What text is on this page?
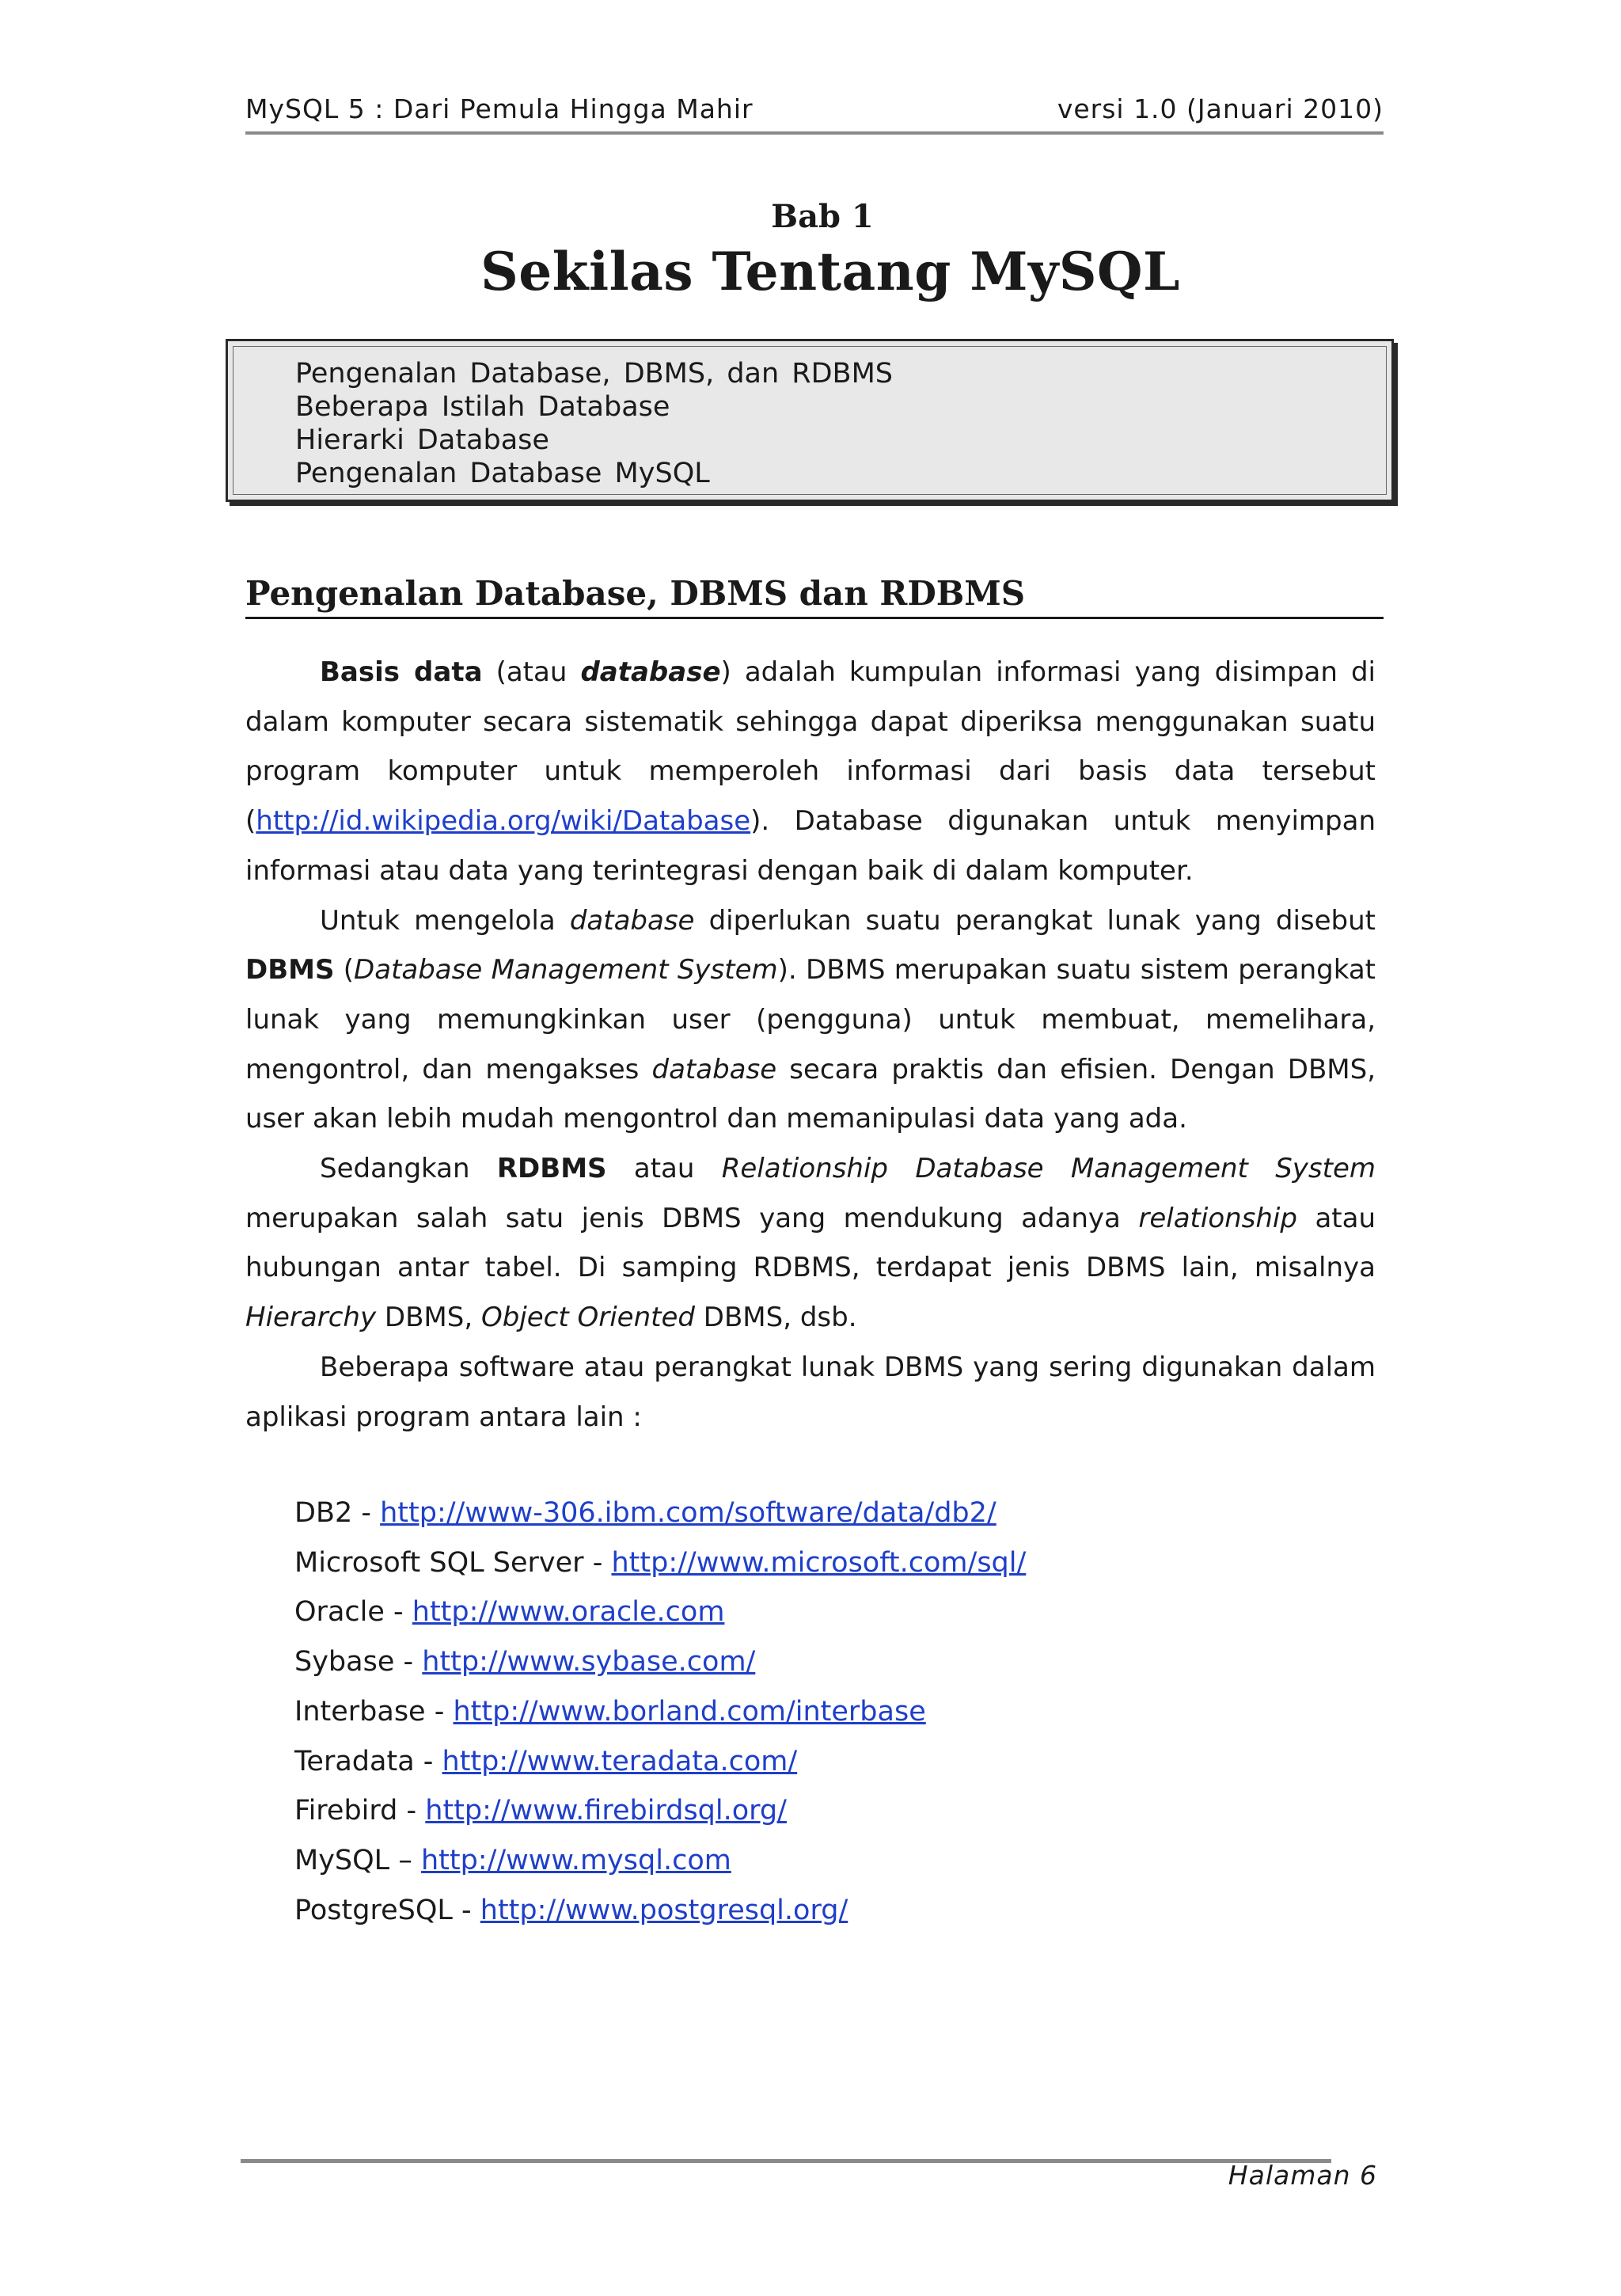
MySQL 5 : Dari Pemula Hingga Mahir	versi 1.0 (Januari 2010)
Bab 1
Sekilas Tentang MySQL
Pengenalan Database, DBMS, dan RDBMS
Beberapa Istilah Database
Hierarki Database
Pengenalan Database MySQL
Pengenalan Database, DBMS dan RDBMS

Basis data (atau database) adalah kumpulan informasi yang disimpan di dalam komputer secara sistematik sehingga dapat diperiksa menggunakan suatu program komputer untuk memperoleh informasi dari basis data tersebut (http://id.wikipedia.org/wiki/Database). Database digunakan untuk menyimpan informasi atau data yang terintegrasi dengan baik di dalam komputer.

Untuk mengelola database diperlukan suatu perangkat lunak yang disebut DBMS (Database Management System). DBMS merupakan suatu sistem perangkat lunak yang memungkinkan user (pengguna) untuk membuat, memelihara, mengontrol, dan mengakses database secara praktis dan efisien. Dengan DBMS, user akan lebih mudah mengontrol dan memanipulasi data yang ada.

Sedangkan RDBMS atau Relationship Database Management System merupakan salah satu jenis DBMS yang mendukung adanya relationship atau hubungan antar tabel. Di samping RDBMS, terdapat jenis DBMS lain, misalnya Hierarchy DBMS, Object Oriented DBMS, dsb.

Beberapa software atau perangkat lunak DBMS yang sering digunakan dalam aplikasi program antara lain :

DB2 - http://www-306.ibm.com/software/data/db2/
Microsoft SQL Server - http://www.microsoft.com/sql/
Oracle - http://www.oracle.com
Sybase - http://www.sybase.com/
Interbase - http://www.borland.com/interbase
Teradata - http://www.teradata.com/
Firebird - http://www.firebirdsql.org/
MySQL – http://www.mysql.com
PostgreSQL - http://www.postgresql.org/
Halaman 6
